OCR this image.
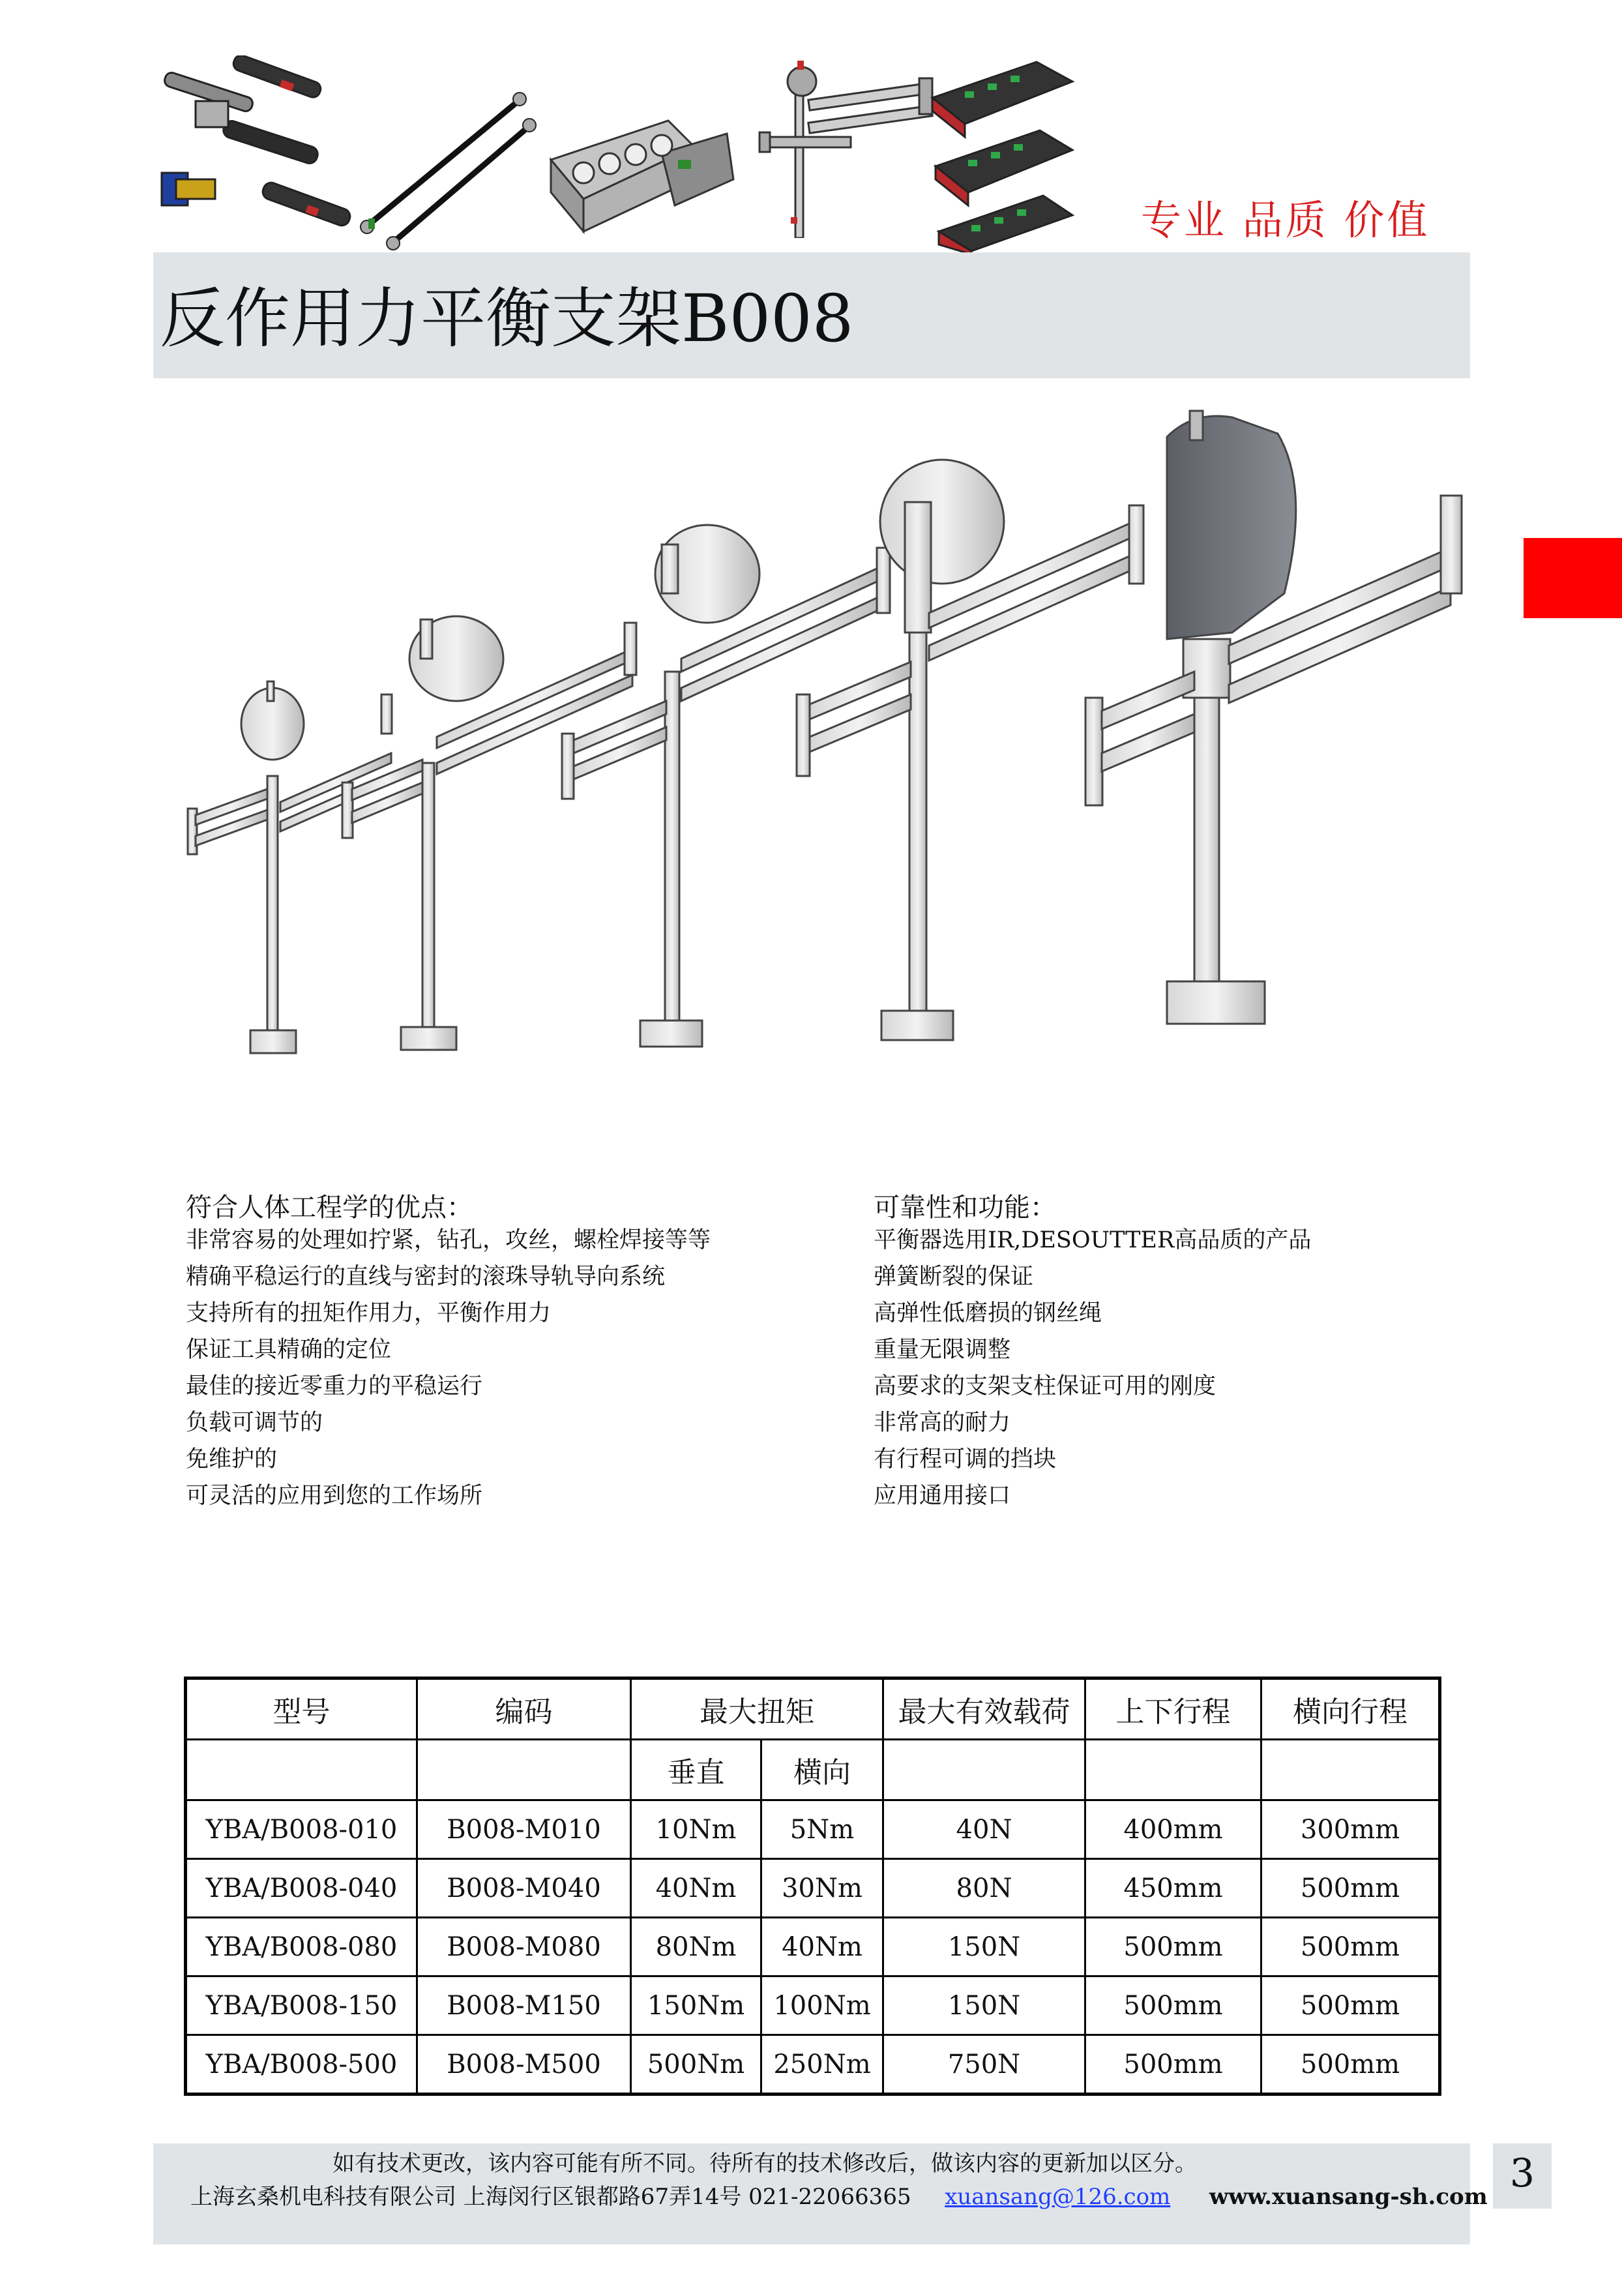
专业 品质 价值
反作用力平衡支架B008
符合人体工程学的优点：
非常容易的处理如拧紧，钻孔，攻丝，螺栓焊接等等
精确平稳运行的直线与密封的滚珠导轨导向系统
支持所有的扭矩作用力，平衡作用力
保证工具精确的定位
最佳的接近零重力的平稳运行
负载可调节的
免维护的
可灵活的应用到您的工作场所
可靠性和功能：
平衡器选用IR,DESOUTTER高品质的产品
弹簧断裂的保证
高弹性低磨损的钢丝绳
重量无限调整
高要求的支架支柱保证可用的刚度
非常高的耐力
有行程可调的挡块
应用通用接口
型号	编码	最大扭矩		最大有效载荷	上下行程	横向行程
		垂直	横向			
YBA/B008-010	B008-M010	10Nm	5Nm	40N	400mm	300mm
YBA/B008-040	B008-M040	40Nm	30Nm	80N	450mm	500mm
YBA/B008-080	B008-M080	80Nm	40Nm	150N	500mm	500mm
YBA/B008-150	B008-M150	150Nm	100Nm	150N	500mm	500mm
YBA/B008-500	B008-M500	500Nm	250Nm	750N	500mm	500mm
如有技术更改，该内容可能有所不同。待所有的技术修改后，做该内容的更新加以区分。
上海玄桑机电科技有限公司 上海闵行区银都路67弄14号 021-22066365 xuansang@126.com www.xuansang-sh.com
3
